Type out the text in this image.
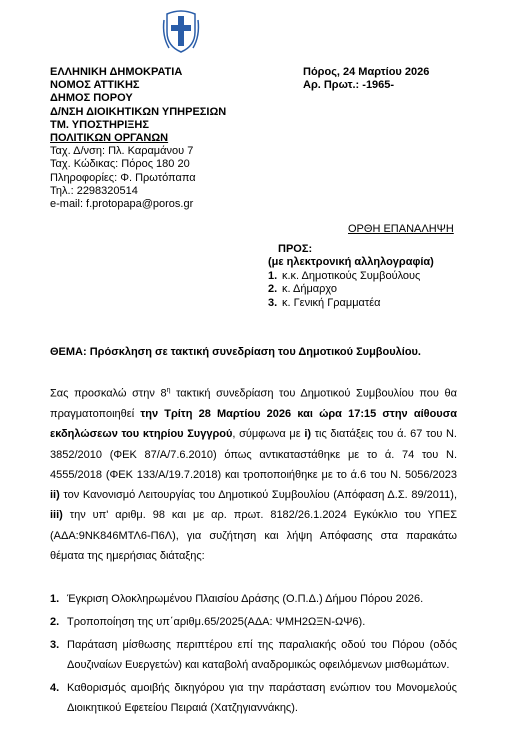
ΕΛΛΗΝΙΚΗ ΔΗΜΟΚΡΑΤΙΑ
ΝΟΜΟΣ ΑΤΤΙΚΗΣ
ΔΗΜΟΣ ΠΟΡΟΥ
Δ/ΝΣΗ ΔΙΟΙΚΗΤΙΚΩΝ ΥΠΗΡΕΣΙΩΝ
ΤΜ. ΥΠΟΣΤΗΡΙΞΗΣ
ΠΟΛΙΤΙΚΩΝ ΟΡΓΑΝΩΝ
Ταχ. Δ/νση: Πλ. Καραμάνου 7
Ταχ. Κώδικας: Πόρος 180 20
Πληροφορίες: Φ. Πρωτόπαπα
Τηλ.: 2298320514
e-mail: f.protopapa@poros.gr
Πόρος, 24 Μαρτίου 2026
Αρ. Πρωτ.: -1965-
ΟΡΘΗ ΕΠΑΝΑΛΗΨΗ
ΠΡΟΣ:
(με ηλεκτρονική αλληλογραφία)
1. κ.κ. Δημοτικούς Συμβούλους
2. κ. Δήμαρχο
3. κ. Γενική Γραμματέα
ΘΕΜΑ: Πρόσκληση σε τακτική συνεδρίαση του Δημοτικού Συμβουλίου.
Σας προσκαλώ στην $8^\eta$ τακτική συνεδρίαση του Δημοτικού Συμβουλίου που θα πραγματοποιηθεί την Τρίτη 28 Μαρτίου 2026 και ώρα 17:15 στην αίθουσα εκδηλώσεων του κτηρίου Συγγρού, σύμφωνα με i) τις διατάξεις του ά. 67 του Ν. 3852/2010 (ΦΕΚ 87/Α/7.6.2010) όπως αντικαταστάθηκε με το ά. 74 του Ν. 4555/2018 (ΦΕΚ 133/Α/19.7.2018) και τροποποιήθηκε με το ά.6 του Ν. 5056/2023 ii) τον Κανονισμό Λειτουργίας του Δημοτικού Συμβουλίου (Απόφαση Δ.Σ. 89/2011), iii) την υπ' αριθμ. 98 και με αρ. πρωτ. 8182/26.1.2024 Εγκύκλιο του ΥΠΕΣ (ΑΔΑ:9ΝΚ846ΜΤΛ6-Π6Λ), για συζήτηση και λήψη Απόφασης στα παρακάτω θέματα της ημερήσιας διάταξης:
1. Έγκριση Ολοκληρωμένου Πλαισίου Δράσης (Ο.Π.Δ.) Δήμου Πόρου 2026.
2. Τροποποίηση της υπ΄αριθμ.65/2025(ΑΔΑ: ΨΜΗ2ΩΞΝ-ΩΨ6).
3. Παράταση μίσθωσης περιπτέρου επί της παραλιακής οδού του Πόρου (οδός Δουζιναίων Ευεργετών) και καταβολή αναδρομικώς οφειλόμενων μισθωμάτων.
4. Καθορισμός αμοιβής δικηγόρου για την παράσταση ενώπιον του Μονομελούς Διοικητικού Εφετείου Πειραιά (Χατζηγιαννάκης).
